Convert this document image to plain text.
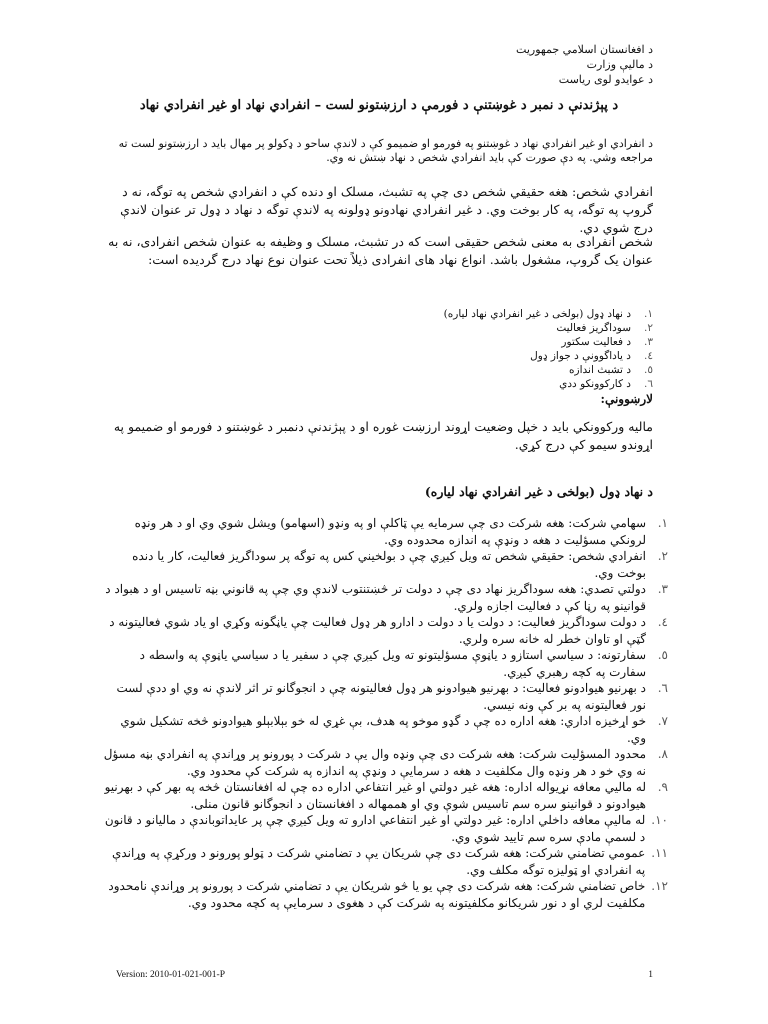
د افغانستان اسلامي جمهوريت
د ماليې وزارت
د عوايدو لوی رياست
د پېژندنې د نمبر د غوښتنې د فورمې د ارزښتونو لست – انفرادي نهاد او غير انفرادي نهاد
د انفرادي او غير انفرادي نهاد د غوښتنو په فورمو او ضميمو كې د لاندې ساحو د ډكولو پر مهال بايد د ارزښتونو لست ته مراجعه وشي. په دې صورت كې بايد انفرادي شخص د نهاد ښتش نه وي.
انفرادي شخص: هغه حقيقي شخص دی چې په تشبث، مسلک او دنده کې د انفرادي شخص په توگه، نه د گروپ په توگه، په کار بوخت وي. د غير انفرادي نهادونو ډولونه په لاندې توگه د نهاد د ډول تر عنوان لاندې درج شوي دي.
شخص انفرادی به معنی شخص حقيقی است كه در تشبث، مسلک و وظيفه به عنوان شخص انفرادی، نه به عنوان يک گروپ، مشغول باشد. انواع نهاد های انفرادی ذيلاً تحت عنوان نوع نهاد درج گرديده است:
١.
د نهاد ډول (بولخی د غير انفرادي نهاد ليارە)
٢.
سوداگريز فعاليت
٣.
د فعاليت سكتور
٤.
د ياداگوونې د جواز ډول
٥.
د تشبث اندازه
٦.
د كاركوونكو ددي
لارښوونې:
ماليه وركوونكي بايد د خپل وضعيت اړوند ارزښت غوره او د پېژندنې دنمبر د غوښتنو د فورمو او ضميمو په اړوندو سيمو كې درج كړي.
د نهاد ډول (بولخی د غير انفرادي نهاد ليارە)
١.
سهامي شركت: هغه شركت دی چې سرمايه يې ټاكلې او په ونډو (اسهامو) ويشل شوي وي او د هر ونډه لرونكي مسؤليت د هغه د ونډې په اندازه محدوده وي.
٢.
انفرادي شخص: حقيقي شخص ته ويل كيږي چې د بولخيني كس په توگه پر سوداگريز فعاليت، كار يا دنده بوخت وي.
٣.
دولتي تصدي: هغه سوداگريز نهاد دی چې د دولت تر څښتنتوب لاندې وي چې په قانوني بڼه تاسيس او د هبواد د قوانينو په رڼا كې د فعاليت اجازه ولري.
٤.
د دولت سوداگريز فعاليت: د دولت يا د دولت د ادارو هر ډول فعاليت چې ياڼگونه وكړي او ياد شوي فعاليتونه د گټې او تاوان خطر له خانه سره ولري.
٥.
سفارتونه: د سياسي استازو د ياڼوې مسؤليتونو ته ويل كيږي چې د سفير يا د سياسي ياڼوې په واسطه د سفارت په كچه رهبري كيږي.
٦.
د بهرنيو هيوادونو فعاليت: د بهرنيو هيوادونو هر ډول فعاليتونه چې د انجوگانو تر اثر لاندې نه وي او ددې لست نور فعاليتونه په بر كې ونه نيسي.
٧.
خو اړخيزه اداري: هغه اداره ده چې د گډو موخو په هدف، بې غړي له خو بېلابېلو هيوادونو څخه تشكيل شوي وي.
٨.
محدود المسؤليت شركت: هغه شركت دی چې ونډه وال يې د شركت د پورونو پر وړاندې په انفرادي بڼه مسؤل نه وي خو د هر ونډه وال مكلفيت د هغه د سرمايې د ونډې په اندازه په شركت كې محدود وي.
٩.
له ماليي معافه نړيواله اداره: هغه غير دولتي او غير انتفاعي اداره ده چې له افغانستان څخه په بهر كې د بهرنيو هيوادونو د قوانينو سره سم تاسيس شوې وي او هممهاله د افغانستان د انجوگانو قانون منلى.
١٠.
له ماليې معافه داخلي اداره: غير دولتي او غير انتفاعي ادارو ته ويل كيږي چې پر عايداتوباندې د ماليانو د قانون د لسمې مادې سره سم تاييد شوي وي.
١١.
عمومي تضامني شركت: هغه شركت دی چې شريكان يې د تضامني شركت د ټولو پورونو د وركړې په وړاندې په انفرادي او ټوليزه توگه مكلف وي.
١٢.
خاص تضامني شركت: هغه شركت دی چې يو يا څو شريكان يې د تضامني شركت د پورونو پر وړاندې نامحدود مكلفيت لري او د نور شريكانو مكلفيتونه په شركت كې د هغوی د سرمايې په كچه محدود وي.
Version: 2010-01-021-001-P	1
